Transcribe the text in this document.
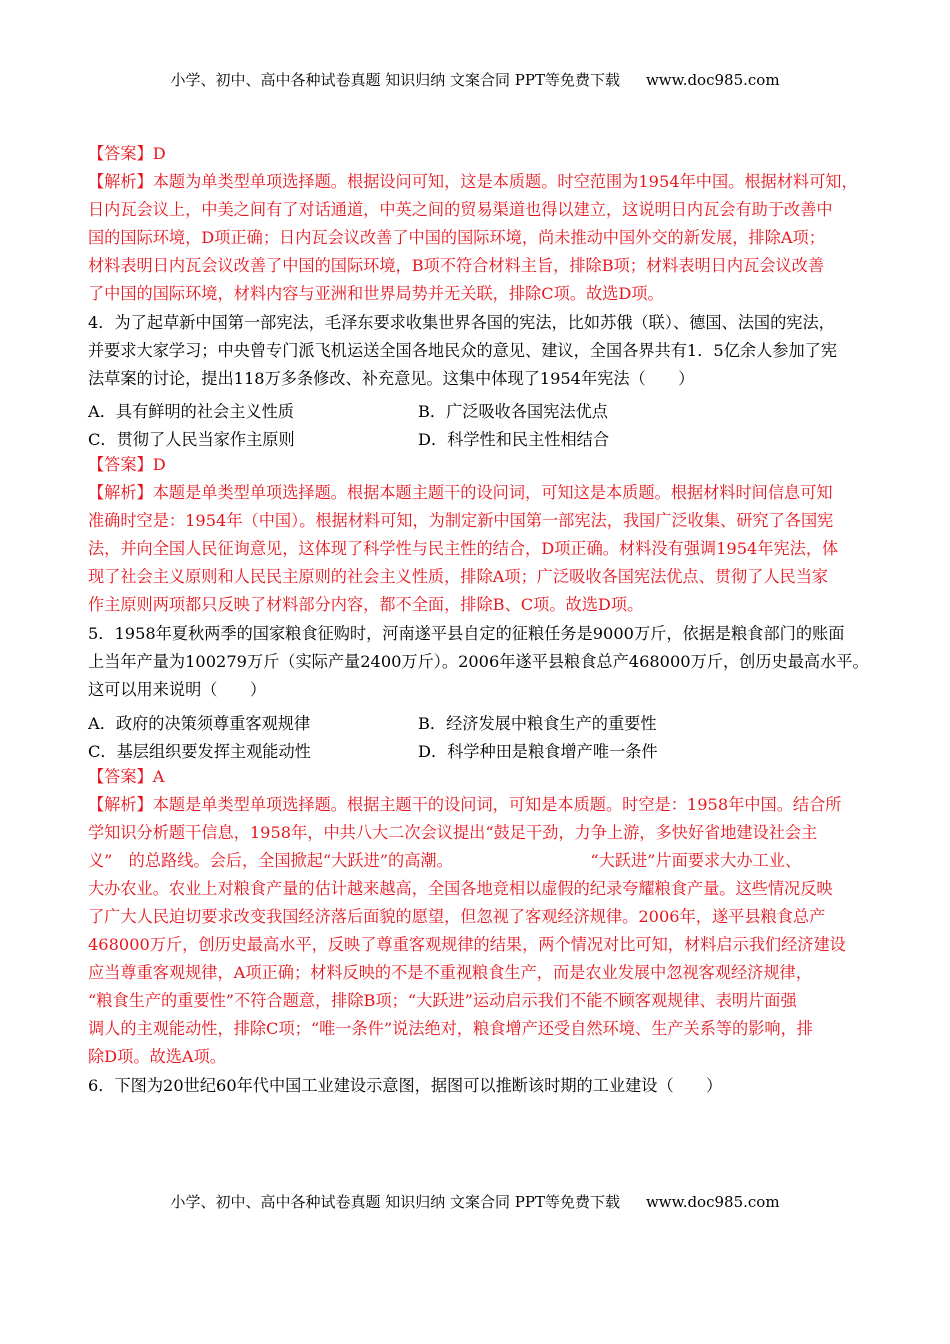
小学、初中、高中各种试卷真题 知识归纳 文案合同 PPT等免费下载 www.doc985.com
【答案】D
【解析】本题为单类型单项选择题。根据设问可知，这是本质题。时空范围为1954年中国。根据材料可知，
日内瓦会议上，中美之间有了对话通道，中英之间的贸易渠道也得以建立，这说明日内瓦会有助于改善中
国的国际环境，D项正确；日内瓦会议改善了中国的国际环境，尚未推动中国外交的新发展，排除A项；
材料表明日内瓦会议改善了中国的国际环境，B项不符合材料主旨，排除B项；材料表明日内瓦会议改善
了中国的国际环境，材料内容与亚洲和世界局势并无关联，排除C项。故选D项。
4．为了起草新中国第一部宪法，毛泽东要求收集世界各国的宪法，比如苏俄（联）、德国、法国的宪法，
并要求大家学习；中央曾专门派飞机运送全国各地民众的意见、建议，全国各界共有1．5亿余人参加了宪
法草案的讨论，提出118万多条修改、补充意见。这集中体现了1954年宪法（　　）
A．具有鲜明的社会主义性质	B．广泛吸收各国宪法优点
C．贯彻了人民当家作主原则	D．科学性和民主性相结合
【答案】D
【解析】本题是单类型单项选择题。根据本题主题干的设问词，可知这是本质题。根据材料时间信息可知
准确时空是：1954年（中国）。根据材料可知，为制定新中国第一部宪法，我国广泛收集、研究了各国宪
法，并向全国人民征询意见，这体现了科学性与民主性的结合，D项正确。材料没有强调1954年宪法，体
现了社会主义原则和人民民主原则的社会主义性质，排除A项；广泛吸收各国宪法优点、贯彻了人民当家
作主原则两项都只反映了材料部分内容，都不全面，排除B、C项。故选D项。
5．1958年夏秋两季的国家粮食征购时，河南遂平县自定的征粮任务是9000万斤，依据是粮食部门的账面
上当年产量为100279万斤（实际产量2400万斤）。2006年遂平县粮食总产468000万斤，创历史最高水平。
这可以用来说明（　　）
A．政府的决策须尊重客观规律	B．经济发展中粮食生产的重要性
C．基层组织要发挥主观能动性	D．科学种田是粮食增产唯一条件
【答案】A
【解析】本题是单类型单项选择题。根据主题干的设问词，可知是本质题。时空是：1958年中国。结合所
学知识分析题干信息，1958年，中共八大二次会议提出“鼓足干劲，力争上游，多快好省地建设社会主
义”　的总路线。会后，全国掀起“大跃进”的高潮。　　　　　　　　　“大跃进”片面要求大办工业、
大办农业。农业上对粮食产量的估计越来越高，全国各地竞相以虚假的纪录夸耀粮食产量。这些情况反映
了广大人民迫切要求改变我国经济落后面貌的愿望，但忽视了客观经济规律。2006年，遂平县粮食总产
468000万斤，创历史最高水平，反映了尊重客观规律的结果，两个情况对比可知，材料启示我们经济建设
应当尊重客观规律，A项正确；材料反映的不是不重视粮食生产，而是农业发展中忽视客观经济规律，
“粮食生产的重要性”不符合题意，排除B项；“大跃进”运动启示我们不能不顾客观规律、表明片面强
调人的主观能动性，排除C项；“唯一条件”说法绝对，粮食增产还受自然环境、生产关系等的影响，排
除D项。故选A项。
6．下图为20世纪60年代中国工业建设示意图，据图可以推断该时期的工业建设（　　）
小学、初中、高中各种试卷真题 知识归纳 文案合同 PPT等免费下载 www.doc985.com
